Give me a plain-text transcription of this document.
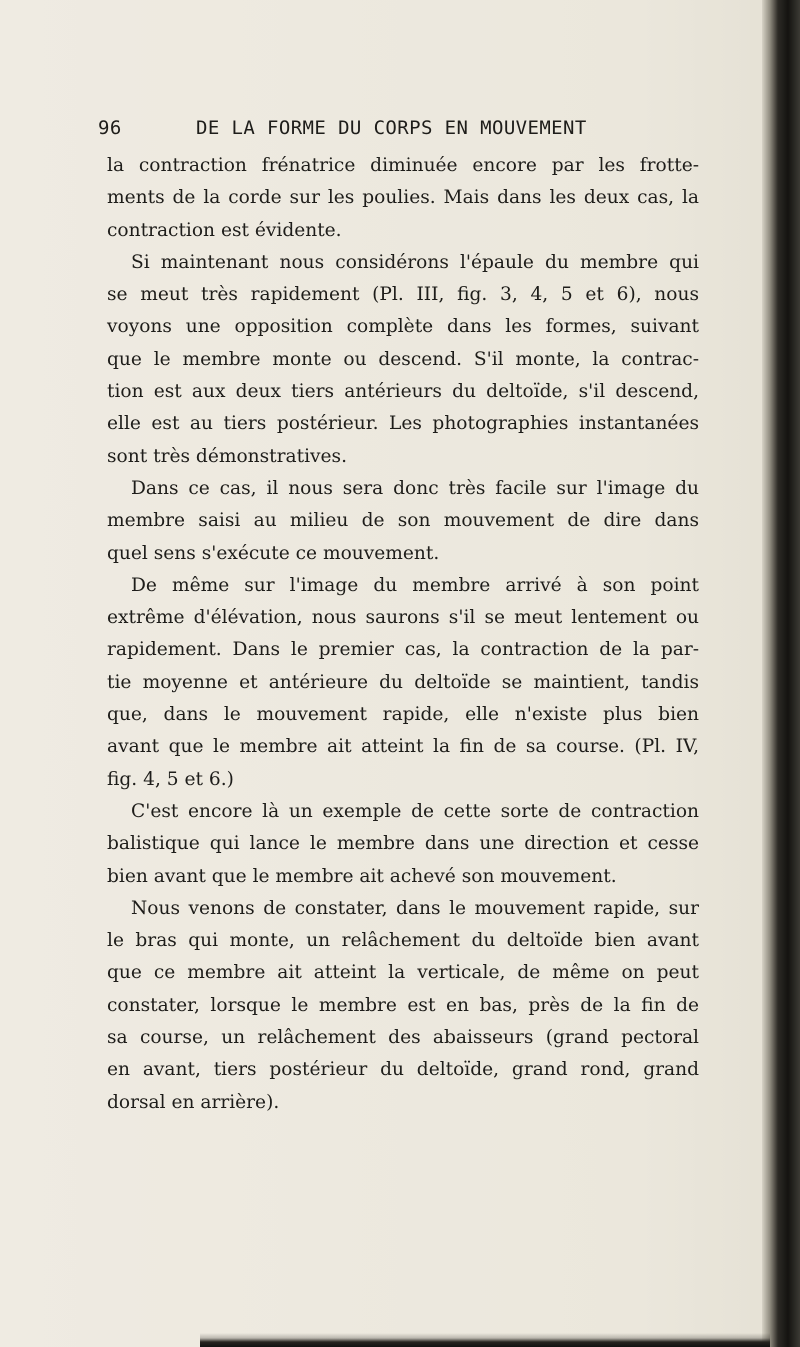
96	DE LA FORME DU CORPS EN MOUVEMENT
la contraction frénatrice diminuée encore par les frotte-
ments de la corde sur les poulies. Mais dans les deux cas, la
contraction est évidente.
Si maintenant nous considérons l'épaule du membre qui
se meut très rapidement (Pl. III, fig. 3, 4, 5 et 6), nous
voyons une opposition complète dans les formes, suivant
que le membre monte ou descend. S'il monte, la contrac-
tion est aux deux tiers antérieurs du deltoïde, s'il descend,
elle est au tiers postérieur. Les photographies instantanées
sont très démonstratives.
Dans ce cas, il nous sera donc très facile sur l'image du
membre saisi au milieu de son mouvement de dire dans
quel sens s'exécute ce mouvement.
De même sur l'image du membre arrivé à son point
extrême d'élévation, nous saurons s'il se meut lentement ou
rapidement. Dans le premier cas, la contraction de la par-
tie moyenne et antérieure du deltoïde se maintient, tandis
que, dans le mouvement rapide, elle n'existe plus bien
avant que le membre ait atteint la fin de sa course. (Pl. IV,
fig. 4, 5 et 6.)
C'est encore là un exemple de cette sorte de contraction
balistique qui lance le membre dans une direction et cesse
bien avant que le membre ait achevé son mouvement.
Nous venons de constater, dans le mouvement rapide, sur
le bras qui monte, un relâchement du deltoïde bien avant
que ce membre ait atteint la verticale, de même on peut
constater, lorsque le membre est en bas, près de la fin de
sa course, un relâchement des abaisseurs (grand pectoral
en avant, tiers postérieur du deltoïde, grand rond, grand
dorsal en arrière).
